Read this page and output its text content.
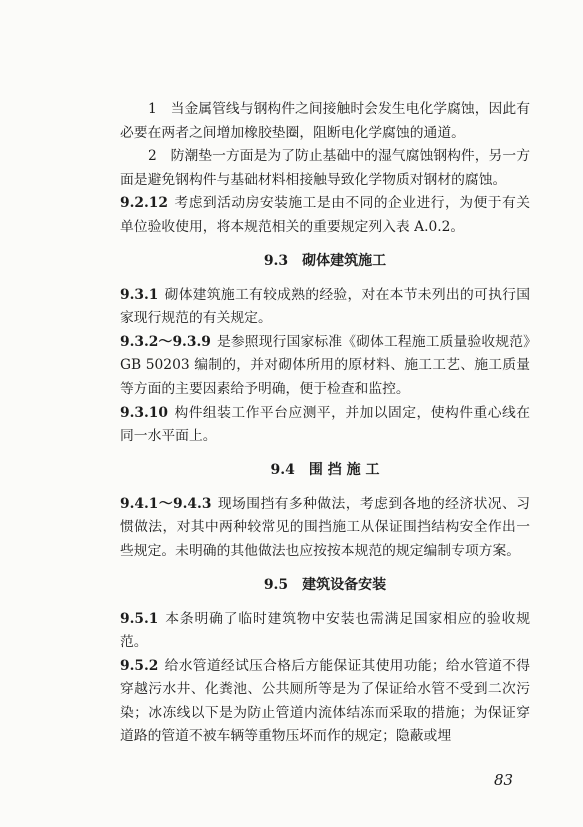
1　当金属管线与钢构件之间接触时会发生电化学腐蚀，因此有必要在两者之间增加橡胶垫圈，阻断电化学腐蚀的通道。

2　防潮垫一方面是为了防止基础中的湿气腐蚀钢构件，另一方面是避免钢构件与基础材料相接触导致化学物质对钢材的腐蚀。

9.2.12 考虑到活动房安装施工是由不同的企业进行，为便于有关单位验收使用，将本规范相关的重要规定列入表 A.0.2。

9.3 砌体建筑施工

9.3.1 砌体建筑施工有较成熟的经验，对在本节未列出的可执行国家现行规范的有关规定。

9.3.2～9.3.9 是参照现行国家标准《砌体工程施工质量验收规范》GB 50203 编制的，并对砌体所用的原材料、施工工艺、施工质量等方面的主要因素给予明确，便于检查和监控。

9.3.10 构件组装工作平台应测平，并加以固定，使构件重心线在同一水平面上。

9.4 围 挡 施 工

9.4.1～9.4.3 现场围挡有多种做法，考虑到各地的经济状况、习惯做法，对其中两种较常见的围挡施工从保证围挡结构安全作出一些规定。未明确的其他做法也应按按本规范的规定编制专项方案。

9.5 建筑设备安装

9.5.1 本条明确了临时建筑物中安装也需满足国家相应的验收规范。

9.5.2 给水管道经试压合格后方能保证其使用功能；给水管道不得穿越污水井、化粪池、公共厕所等是为了保证给水管不受到二次污染；冰冻线以下是为防止管道内流体结冻而采取的措施；为保证穿道路的管道不被车辆等重物压坏而作的规定；隐蔽或埋

83
